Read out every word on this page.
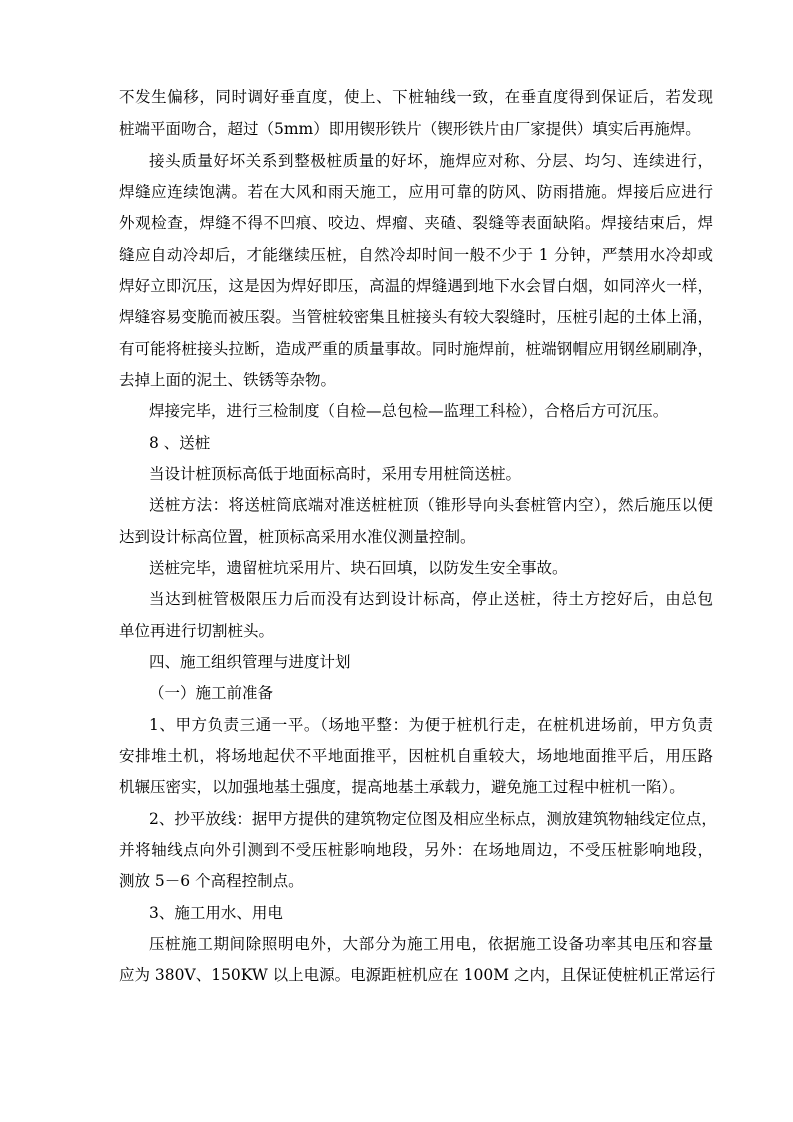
不发生偏移，同时调好垂直度，使上、下桩轴线一致，在垂直度得到保证后，若发现
桩端平面吻合，超过（5mm）即用锲形铁片（锲形铁片由厂家提供）填实后再施焊。
接头质量好坏关系到整极桩质量的好坏，施焊应对称、分层、均匀、连续进行，
焊缝应连续饱满。若在大风和雨天施工，应用可靠的防风、防雨措施。焊接后应进行
外观检查，焊缝不得不凹痕、咬边、焊瘤、夹碴、裂缝等表面缺陷。焊接结束后，焊
缝应自动冷却后，才能继续压桩，自然冷却时间一般不少于 1 分钟，严禁用水冷却或
焊好立即沉压，这是因为焊好即压，高温的焊缝遇到地下水会冒白烟，如同淬火一样，
焊缝容易变脆而被压裂。当管桩较密集且桩接头有较大裂缝时，压桩引起的土体上涌，
有可能将桩接头拉断，造成严重的质量事故。同时施焊前，桩端钢帽应用钢丝刷刷净，
去掉上面的泥土、铁锈等杂物。
焊接完毕，进行三检制度（自检—总包检—监理工科检），合格后方可沉压。
8 、送桩
当设计桩顶标高低于地面标高时，采用专用桩筒送桩。
送桩方法：将送桩筒底端对准送桩桩顶（锥形导向头套桩管内空），然后施压以便
达到设计标高位置，桩顶标高采用水准仪测量控制。
送桩完毕，遗留桩坑采用片、块石回填，以防发生安全事故。
当达到桩管极限压力后而没有达到设计标高，停止送桩，待土方挖好后，由总包
单位再进行切割桩头。
四、施工组织管理与进度计划
（一）施工前准备
1、甲方负责三通一平。（场地平整：为便于桩机行走，在桩机进场前，甲方负责
安排堆土机，将场地起伏不平地面推平，因桩机自重较大，场地地面推平后，用压路
机辗压密实，以加强地基土强度，提高地基土承载力，避免施工过程中桩机一陷）。
2、抄平放线：据甲方提供的建筑物定位图及相应坐标点，测放建筑物轴线定位点，
并将轴线点向外引测到不受压桩影响地段，另外：在场地周边，不受压桩影响地段，
测放 5－6 个高程控制点。
3、施工用水、用电
压桩施工期间除照明电外，大部分为施工用电，依据施工设备功率其电压和容量
应为 380V、150KW 以上电源。电源距桩机应在 100M 之内，且保证使桩机正常运行
